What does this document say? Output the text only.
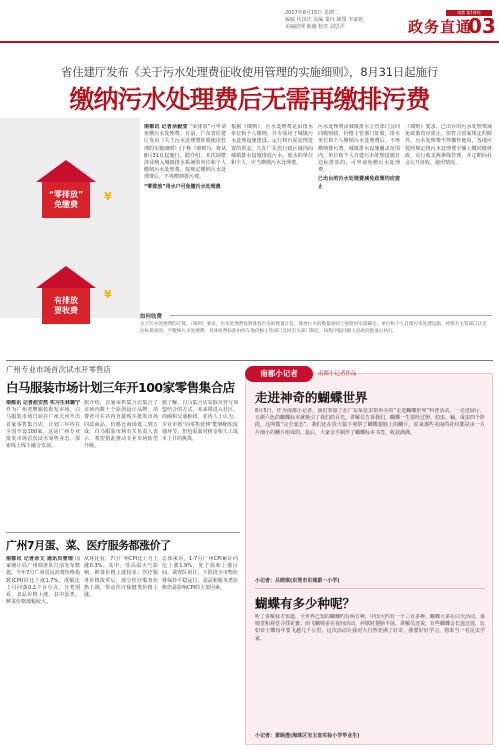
2017年8月15日 星期二
编辑 任国庆 美编 秦玲 制图 李家铭
美编助理 陈薇 校对 刘思洋
南都 第1财经
政务直通
03
省住建厅发布《关于污水处理费征收使用管理的实施细则》，8月31日起施行
缴纳污水处理费后无需再缴排污费
“零排放”
免缴费
¥
有排放
要收费
¥
南都讯 记者余毅莹 “零排放”可申请免缴污水处理费。日前，广东省住建厅发布《关于污水处理费征收使用管理的实施细则》(下称《细则》)，将从8月31日起施行。据介绍，本次调整涉及纳入城镇排水系统的单位和个人缴纳污水处理费，按规定缴纳污水处理费后，不再缴纳排污费。
“零排放”用水户可免缴污水处理费
根据《细则》，污水处理费是由排水单位和个人缴纳，并专项用于城镇污水处理设施建设、运行和污泥处理处置的资金。凡在广东省行政区域内向城镇排水设施排放污水、废水的单位和个人，应当缴纳污水处理费。
污水处理费由城镇排水主管部门会同同级财政、价格主管部门征收。排水单位和个人缴纳污水处理费后，不再缴纳排污费。城镇排水设施覆盖范围内，单位和个人自建污水处理设施且达标排放的，可申请免缴污水处理费。
已出台的污水处理费减免政策均应废止
《细则》要求，已出台的污水处理费减免政策均应废止，但符合国家规定的除外。污水处理费不得挪作他用，各地应按照规定将污水处理费全额上缴同级财政，实行收支两条线管理，并定期向社会公开征收、使用情况。
如何收费
关于污水处理费的计算，《细则》要求，污水处理费按照排放污水的数量计征，排放污水的数量原则上按照用水量确定。单位和个人自建污水处理设施，经排水主管部门认定达标排放的，不缴纳污水处理费。具体收费标准由所在地价格主管部门会同有关部门制定，按程序报同级人民政府批准后执行。
广州专业市场首次试水开零售店
白马服装市场计划三年开100家零售集合店
南都讯 记者赵安然 实习生林璐宁 作为广州老牌服装批发市场，白马服装市场日前在广州天河开出首家零售集合店，计划三年内在全国开设100家。这是广州专业批发市场首次试水零售业态，探索线上线下融合发展。
据介绍，首家零售集合店集合了市场内数十个原创设计品牌，消费者可在店内直接购买批发市场同款商品，价格比商场低三到五成。白马服装市场有关负责人表示，希望借此推动专业市场转型升级。
据了解，白马集合店采取直营与加盟结合的方式，未来将进入社区、商圈和交通枢纽。业内人士认为，专业市场“向零售延伸”能够缩短流通环节，但也需面对租金和人工成本上升的挑战。
广州7月蛋、菜、医疗服务都涨价了
南都讯 记者余文 通讯员曾理 国家统计局广州调查队日前发布数据，今年7月广州居民消费价格指数(CPI)同比上涨1.7%，涨幅比上月回落0.2个百分点。分类别看，食品价格上涨，其中蛋类、鲜菜价格涨幅较大。
从环比看，7月广州CPI比上月上涨0.3%。其中，受高温天气影响，鲜菜价格上涨较多；医疗服务价格改革后，部分医疗服务价格上调，带动医疗保健类价格上涨。
总体来看，1-7月广州CPI累计同比上涨1.9%，处于温和上涨区间。调查队预计，下阶段全市物价将保持平稳运行，食品和服务类价格仍是影响CPI的主要因素。
南都小记者	南都小记者作品
走进神奇的蝴蝶世界
8月5日，作为南都小记者，我们参加了在广东某昆虫馆举办的“走进蝴蝶世界”科普活动。一走进展厅，五颜六色的蝴蝶标本就吸引了我们的目光。讲解员告诉我们，蝴蝶一生要经过卵、幼虫、蛹、成虫四个阶段，这叫做“完全变态”。我们还在放大镜下观察了蝴蝶翅膀上的鳞片，原来那些美丽的花纹都是由一片片细小的鳞片组成的。最后，大家亲手制作了蝴蝶标本书签，收获满满。
小记者：吕晓琪(东莞市东城第一小学)
蝴蝶有多少种呢？
听了讲解我才知道，全世界已知的蝴蝶约有两万种，中国大约有一千三百多种。蝴蝶大多在白天活动，靠嗅觉和视觉寻找花蜜；而飞蛾则多在夜间活动，停歇时翅膀平展。讲解员还说，有些蝴蝶会长途迁徙，比如帝王蝶每年要飞越几千公里。这次活动让我对大自然充满了好奇，我要好好学习，将来当一名昆虫学家。
小记者：黄映澄(海珠区宝玉直实验小学毕业生)
